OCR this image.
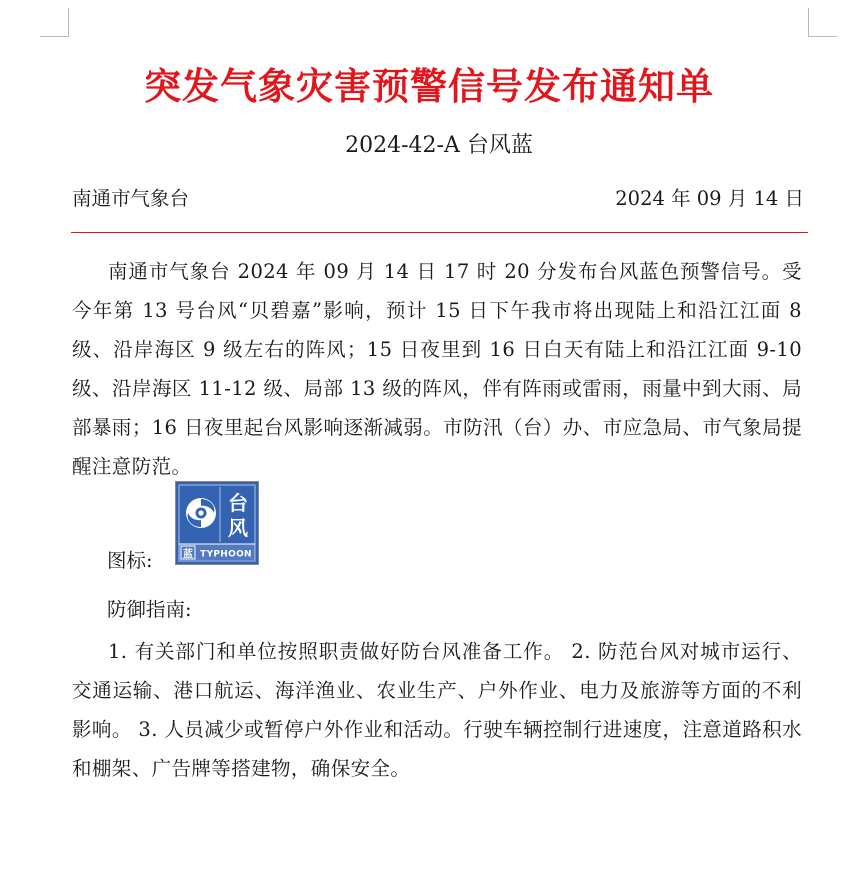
突发气象灾害预警信号发布通知单
2024-42-A 台风蓝
南通市气象台	2024 年 09 月 14 日

南通市气象台 2024 年 09 月 14 日 17 时 20 分发布台风蓝色预警信号。受今年第 13 号台风“贝碧嘉”影响，预计 15 日下午我市将出现陆上和沿江江面 8 级、沿岸海区 9 级左右的阵风；15 日夜里到 16 日白天有陆上和沿江江面 9-10 级、沿岸海区 11-12 级、局部 13 级的阵风，伴有阵雨或雷雨，雨量中到大雨、局部暴雨；16 日夜里起台风影响逐渐减弱。市防汛（台）办、市应急局、市气象局提醒注意防范。

图标:
台
风
蓝 TYPHOON
防御指南:

1. 有关部门和单位按照职责做好防台风准备工作。 2. 防范台风对城市运行、交通运输、港口航运、海洋渔业、农业生产、户外作业、电力及旅游等方面的不利影响。 3. 人员减少或暂停户外作业和活动。行驶车辆控制行进速度，注意道路积水和棚架、广告牌等搭建物，确保安全。
